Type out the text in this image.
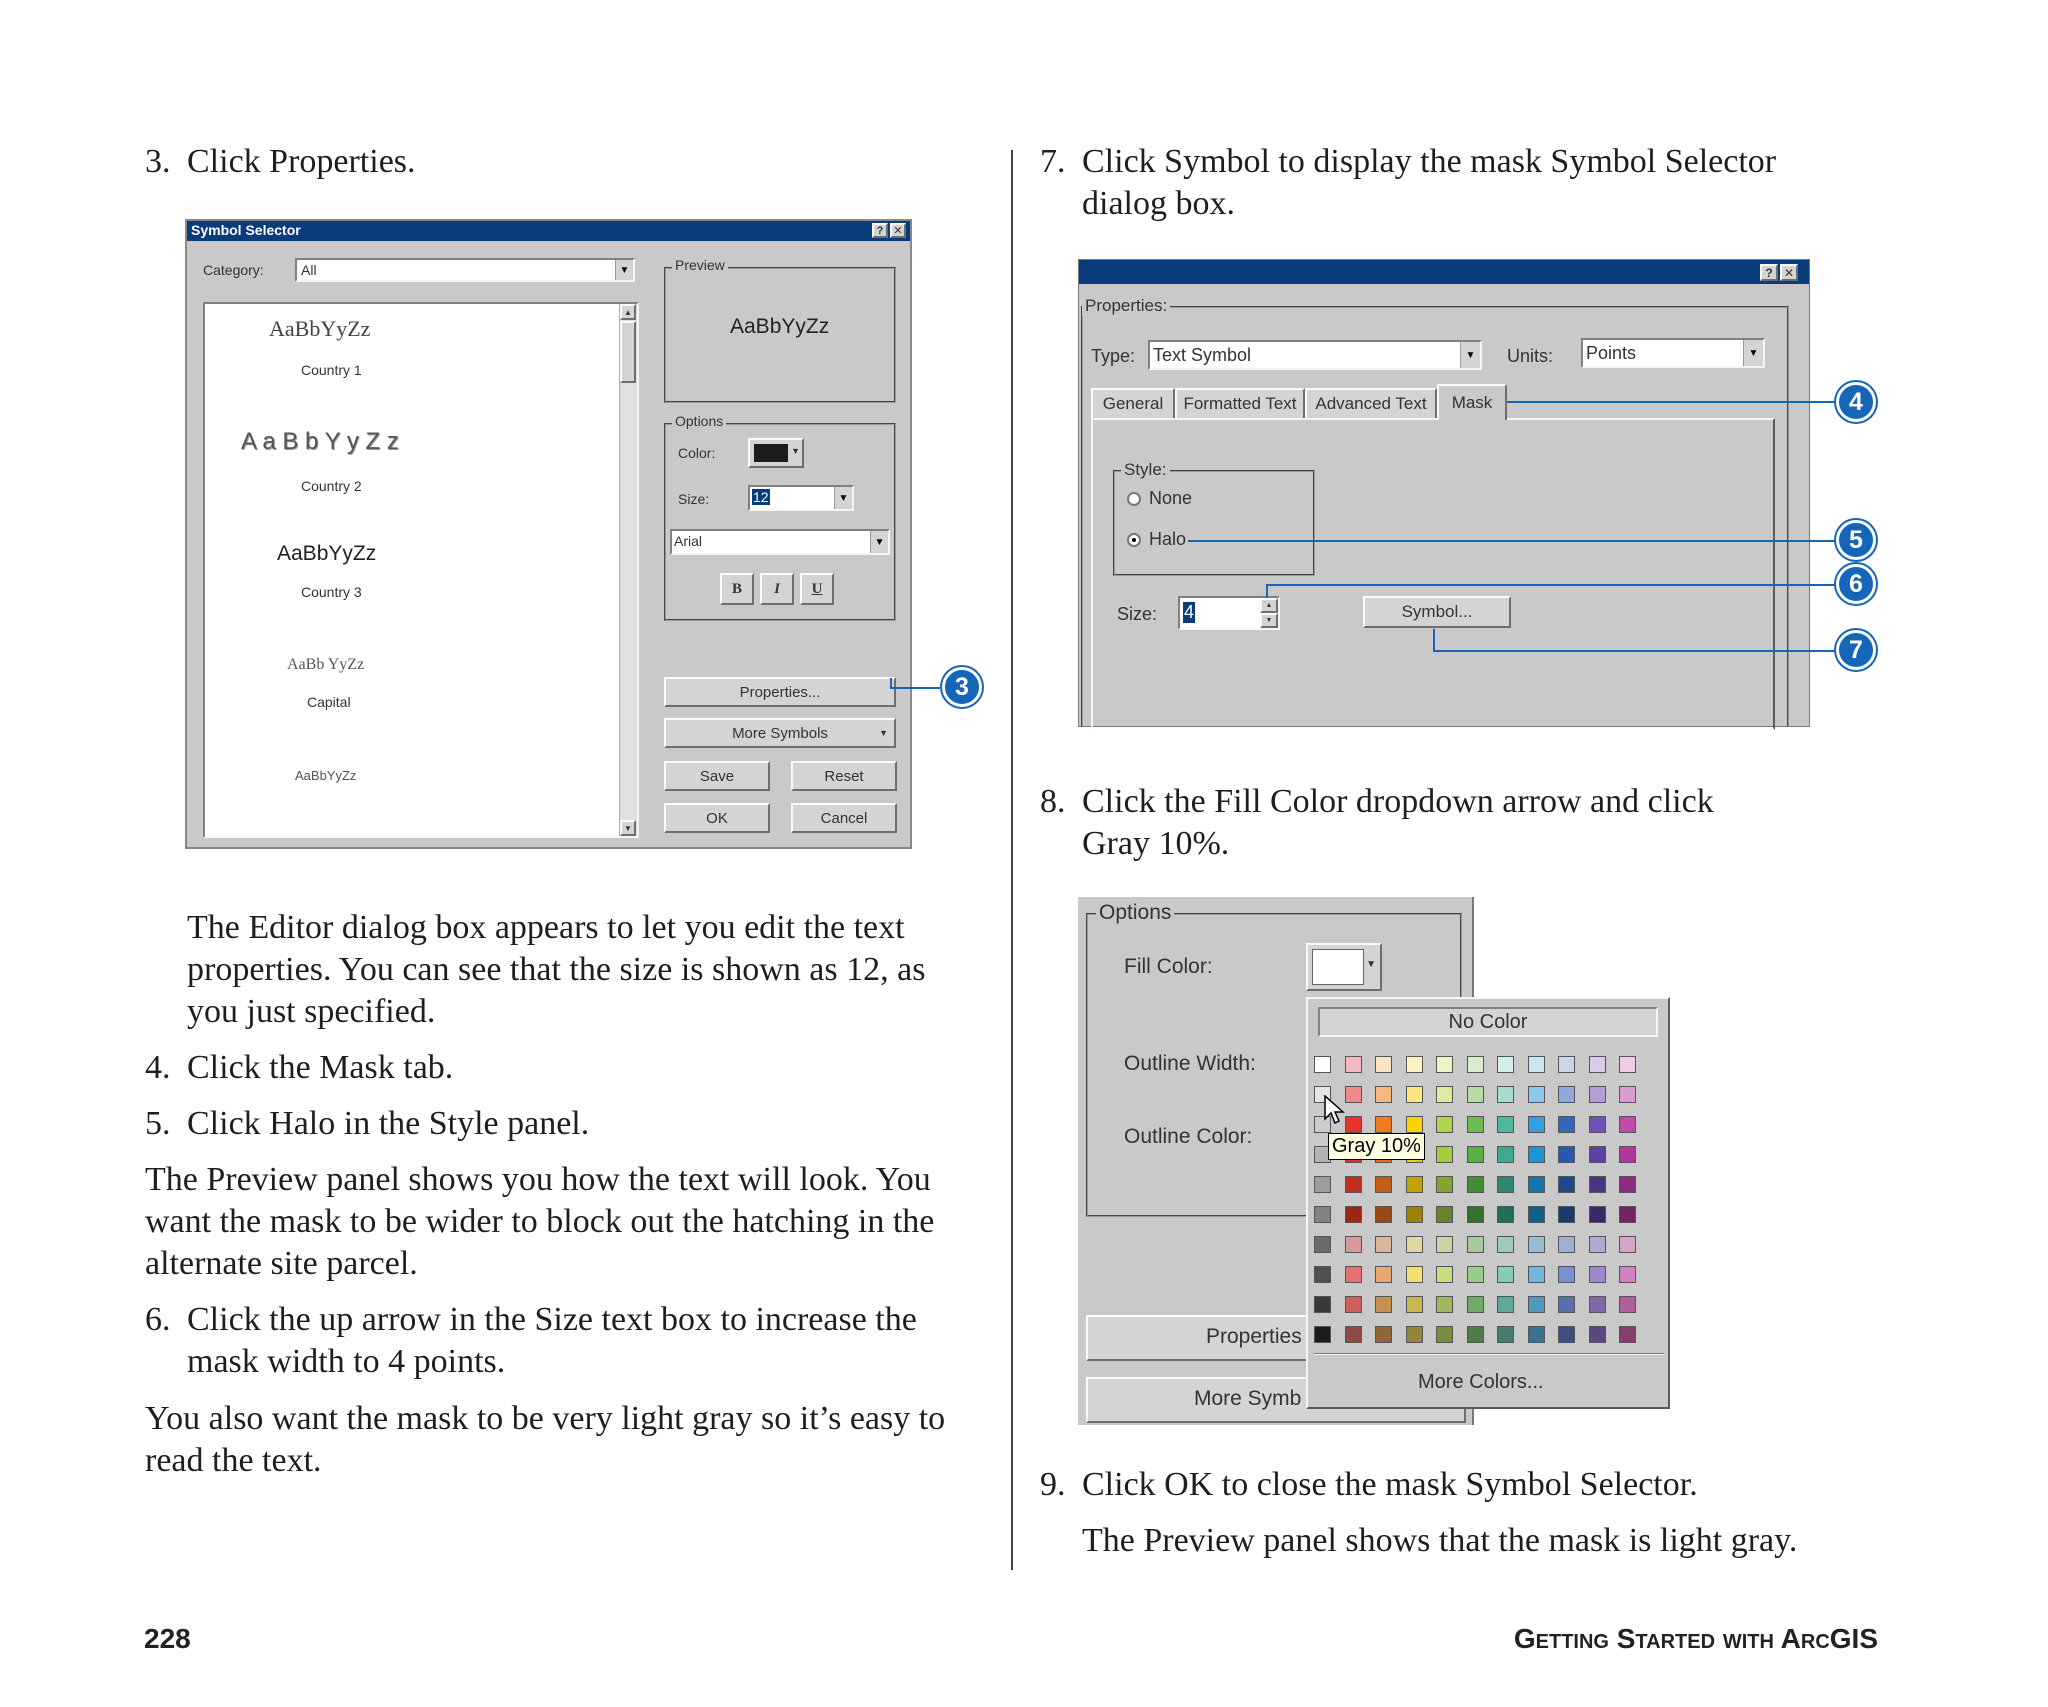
3. Click Properties.
Symbol Selector	? ✕
Category:	All	▼
▲
▼
AaBbYyZz
Country 1
A a B b Y y Z z
Country 2
AaBbYyZz
Country 3
AaBb YyZz
Capital
AaBbYyZz
Preview
AaBbYyZz
Options
Color:	▼
Size:	12	▼
Arial	▼
B	I	U
Properties...
More Symbols	▼
Save	Reset
OK	Cancel
3
The Editor dialog box appears to let you edit the text
properties. You can see that the size is shown as 12, as
you just specified.
4. Click the Mask tab.
5. Click Halo in the Style panel.
The Preview panel shows you how the text will look. You
want the mask to be wider to block out the hatching in the
alternate site parcel.
6. Click the up arrow in the Size text box to increase the
mask width to 4 points.
You also want the mask to be very light gray so it’s easy to
read the text.
7. Click Symbol to display the mask Symbol Selector
dialog box.
? ✕
Properties:
Type: Text Symbol	▼ Units: Points	▼
General	Formatted Text	Advanced Text	Mask
Style:
None
Halo
Size: 4	▲
▼	Symbol...
4
5
6
7
8. Click the Fill Color dropdown arrow and click
Gray 10%.
Options
Fill Color:	▼
Outline Width:
Outline Color:
Properties
More Symb
No Color
More Colors...
Gray 10%
9. Click OK to close the mask Symbol Selector.
The Preview panel shows that the mask is light gray.
228	Getting Started with ArcGIS
